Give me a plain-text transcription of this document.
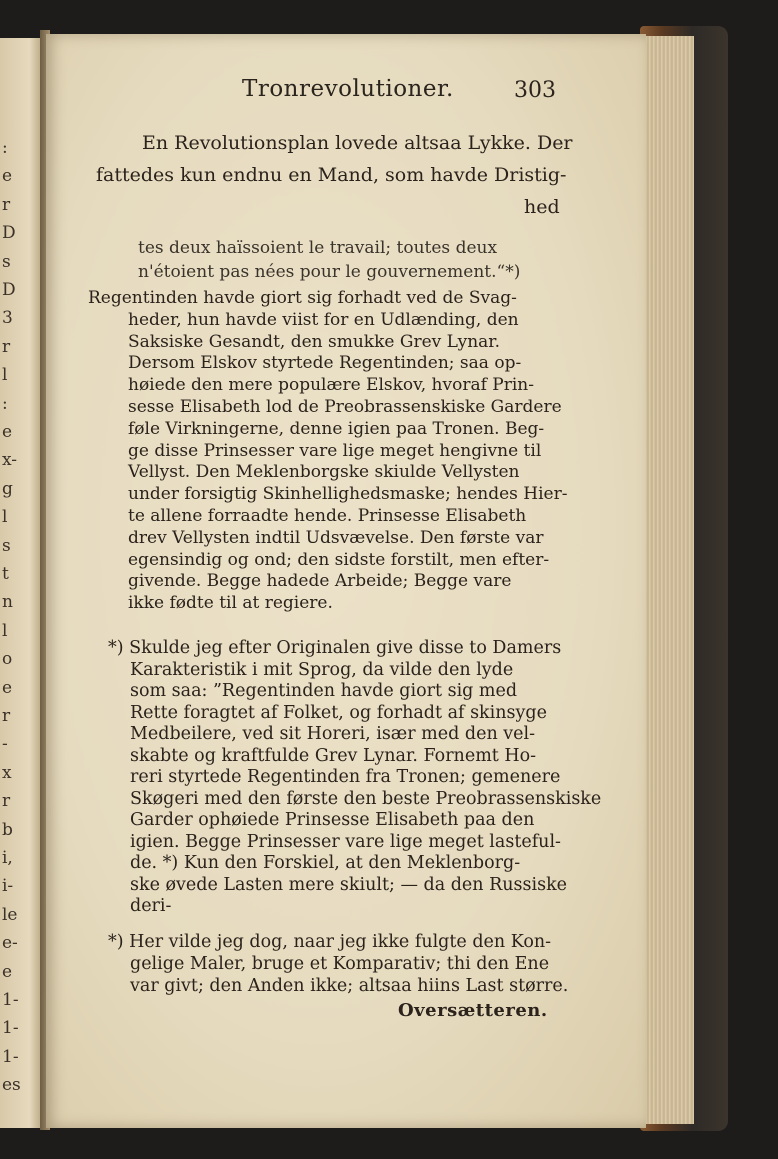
:
e
r
D
s
D
3
r
l
:
e
x-
g
l
s
t
n
l
o
e
r
-
x
r
b
i,
i-
le
e-
e
1-
1-
1-
es
Tronrevolutioner.	303
En Revolutionsplan lovede altsaa Lykke. Der
fattedes kun endnu en Mand, som havde Dristig-
hed
tes deux haïssoient le travail; toutes deux
n'étoient pas nées pour le gouvernement.“*)
Regentinden havde giort sig forhadt ved de Svag-
heder, hun havde viist for en Udlænding, den
Saksiske Gesandt, den smukke Grev Lynar.
Dersom Elskov styrtede Regentinden; saa op-
høiede den mere populære Elskov, hvoraf Prin-
sesse Elisabeth lod de Preobrassenskiske Gardere
føle Virkningerne, denne igien paa Tronen. Beg-
ge disse Prinsesser vare lige meget hengivne til
Vellyst. Den Meklenborgske skiulde Vellysten
under forsigtig Skinhellighedsmaske; hendes Hier-
te allene forraadte hende. Prinsesse Elisabeth
drev Vellysten indtil Udsvævelse. Den første var
egensindig og ond; den sidste forstilt, men efter-
givende. Begge hadede Arbeide; Begge vare
ikke fødte til at regiere.
*) Skulde jeg efter Originalen give disse to Damers
Karakteristik i mit Sprog, da vilde den lyde
som saa: ”Regentinden havde giort sig med
Rette foragtet af Folket, og forhadt af skinsyge
Medbeilere, ved sit Horeri, især med den vel-
skabte og kraftfulde Grev Lynar. Fornemt Ho-
reri styrtede Regentinden fra Tronen; gemenere
Skøgeri med den første den beste Preobrassenskiske
Garder ophøiede Prinsesse Elisabeth paa den
igien. Begge Prinsesser vare lige meget lasteful-
de. *) Kun den Forskiel, at den Meklenborg-
ske øvede Lasten mere skiult; — da den Russiske
deri-
*) Her vilde jeg dog, naar jeg ikke fulgte den Kon-
gelige Maler, bruge et Komparativ; thi den Ene
var givt; den Anden ikke; altsaa hiins Last større.
Oversætteren.
